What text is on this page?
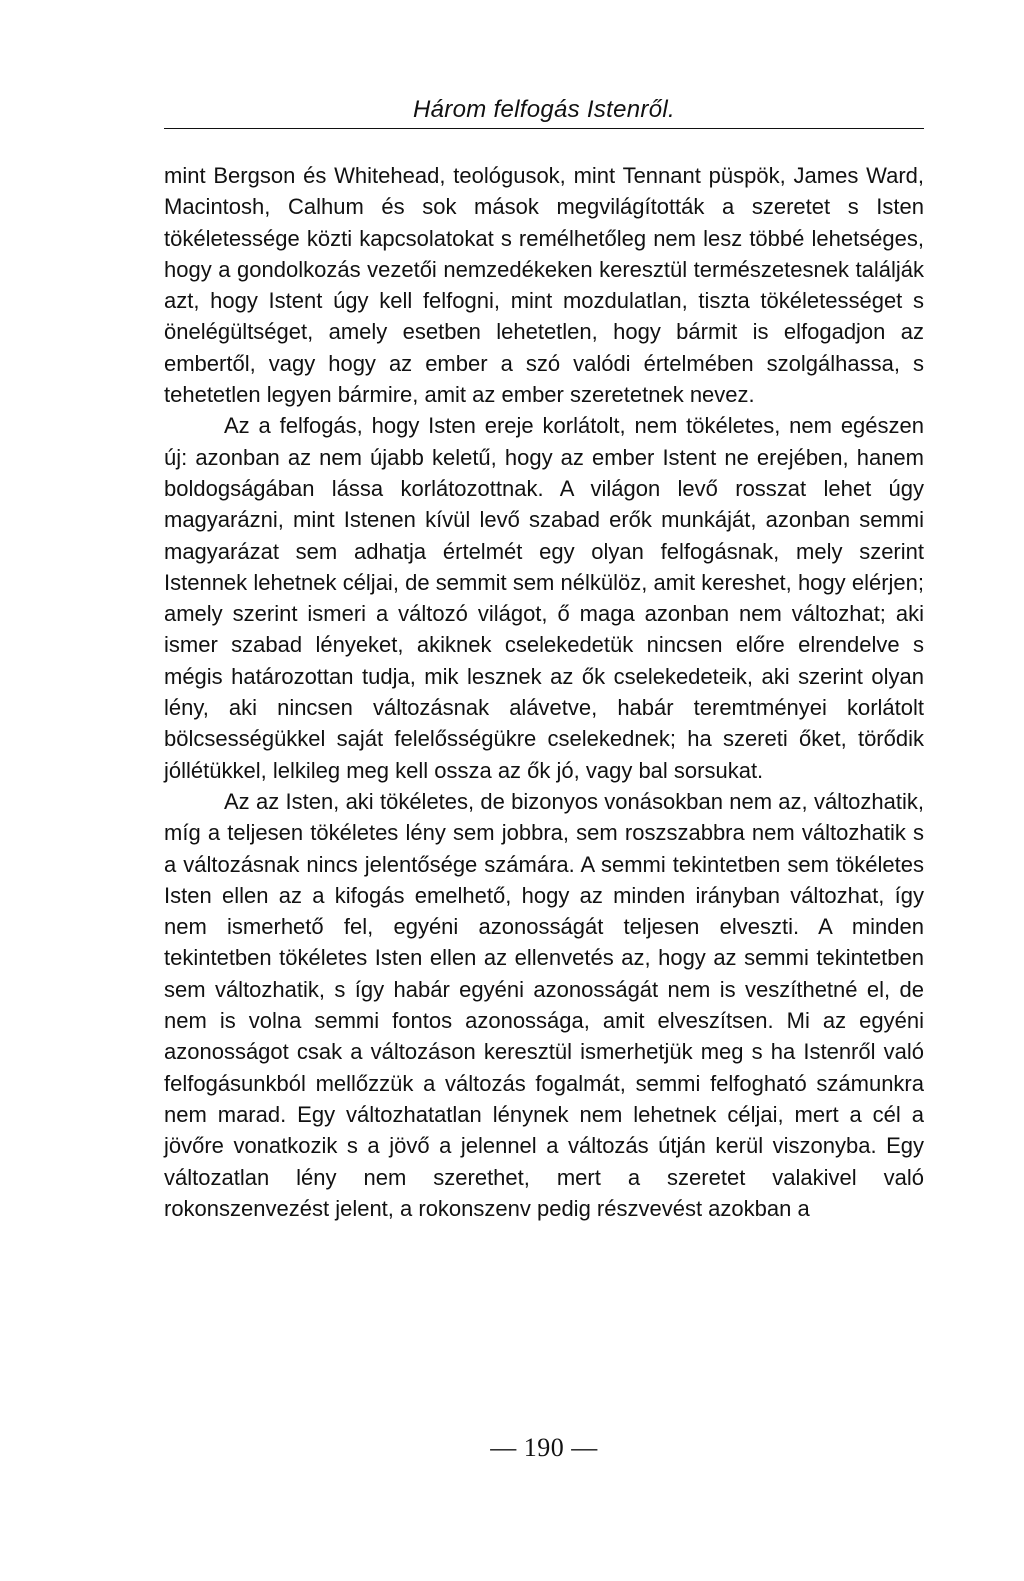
Három felfogás Istenről.

mint Bergson és Whitehead, teológusok, mint Tennant püspök, James Ward, Macintosh, Calhum és sok mások megvilágították a szeretet s Isten tökéletessége közti kapcsolatokat s remélhetőleg nem lesz többé lehetséges, hogy a gondolkozás vezetői nemzedékeken keresztül természetesnek találják azt, hogy Istent úgy kell felfogni, mint mozdulatlan, tiszta tökéletességet s önelégültséget, amely esetben lehetetlen, hogy bármit is elfogadjon az embertől, vagy hogy az ember a szó valódi értelmében szolgálhassa, s tehetetlen legyen bármire, amit az ember szeretetnek nevez.

Az a felfogás, hogy Isten ereje korlátolt, nem tökéletes, nem egészen új: azonban az nem újabb keletű, hogy az ember Istent ne erejében, hanem boldogságában lássa korlátozottnak. A világon levő rosszat lehet úgy magyarázni, mint Istenen kívül levő szabad erők munkáját, azonban semmi magyarázat sem adhatja értelmét egy olyan felfogásnak, mely szerint Istennek lehetnek céljai, de semmit sem nélkülöz, amit kereshet, hogy elérjen; amely szerint ismeri a változó világot, ő maga azonban nem változhat; aki ismer szabad lényeket, akiknek cselekedetük nincsen előre elrendelve s mégis határozottan tudja, mik lesznek az ők cselekedeteik, aki szerint olyan lény, aki nincsen változásnak alávetve, habár teremtményei korlátolt bölcsességükkel saját felelősségükre cselekednek; ha szereti őket, törődik jóllétükkel, lelkileg meg kell ossza az ők jó, vagy bal sorsukat.

Az az Isten, aki tökéletes, de bizonyos vonásokban nem az, változhatik, míg a teljesen tökéletes lény sem jobbra, sem roszszabbra nem változhatik s a változásnak nincs jelentősége számára. A semmi tekintetben sem tökéletes Isten ellen az a kifogás emelhető, hogy az minden irányban változhat, így nem ismerhető fel, egyéni azonosságát teljesen elveszti. A minden tekintetben tökéletes Isten ellen az ellenvetés az, hogy az semmi tekintetben sem változhatik, s így habár egyéni azonosságát nem is veszíthetné el, de nem is volna semmi fontos azonossága, amit elveszítsen. Mi az egyéni azonosságot csak a változáson keresztül ismerhetjük meg s ha Istenről való felfogásunkból mellőzzük a változás fogalmát, semmi felfogható számunkra nem marad. Egy változhatatlan lénynek nem lehetnek céljai, mert a cél a jövőre vonatkozik s a jövő a jelennel a változás útján kerül viszonyba. Egy változatlan lény nem szerethet, mert a szeretet valakivel való rokonszenvezést jelent, a rokonszenv pedig részvevést azokban a

— 190 —
